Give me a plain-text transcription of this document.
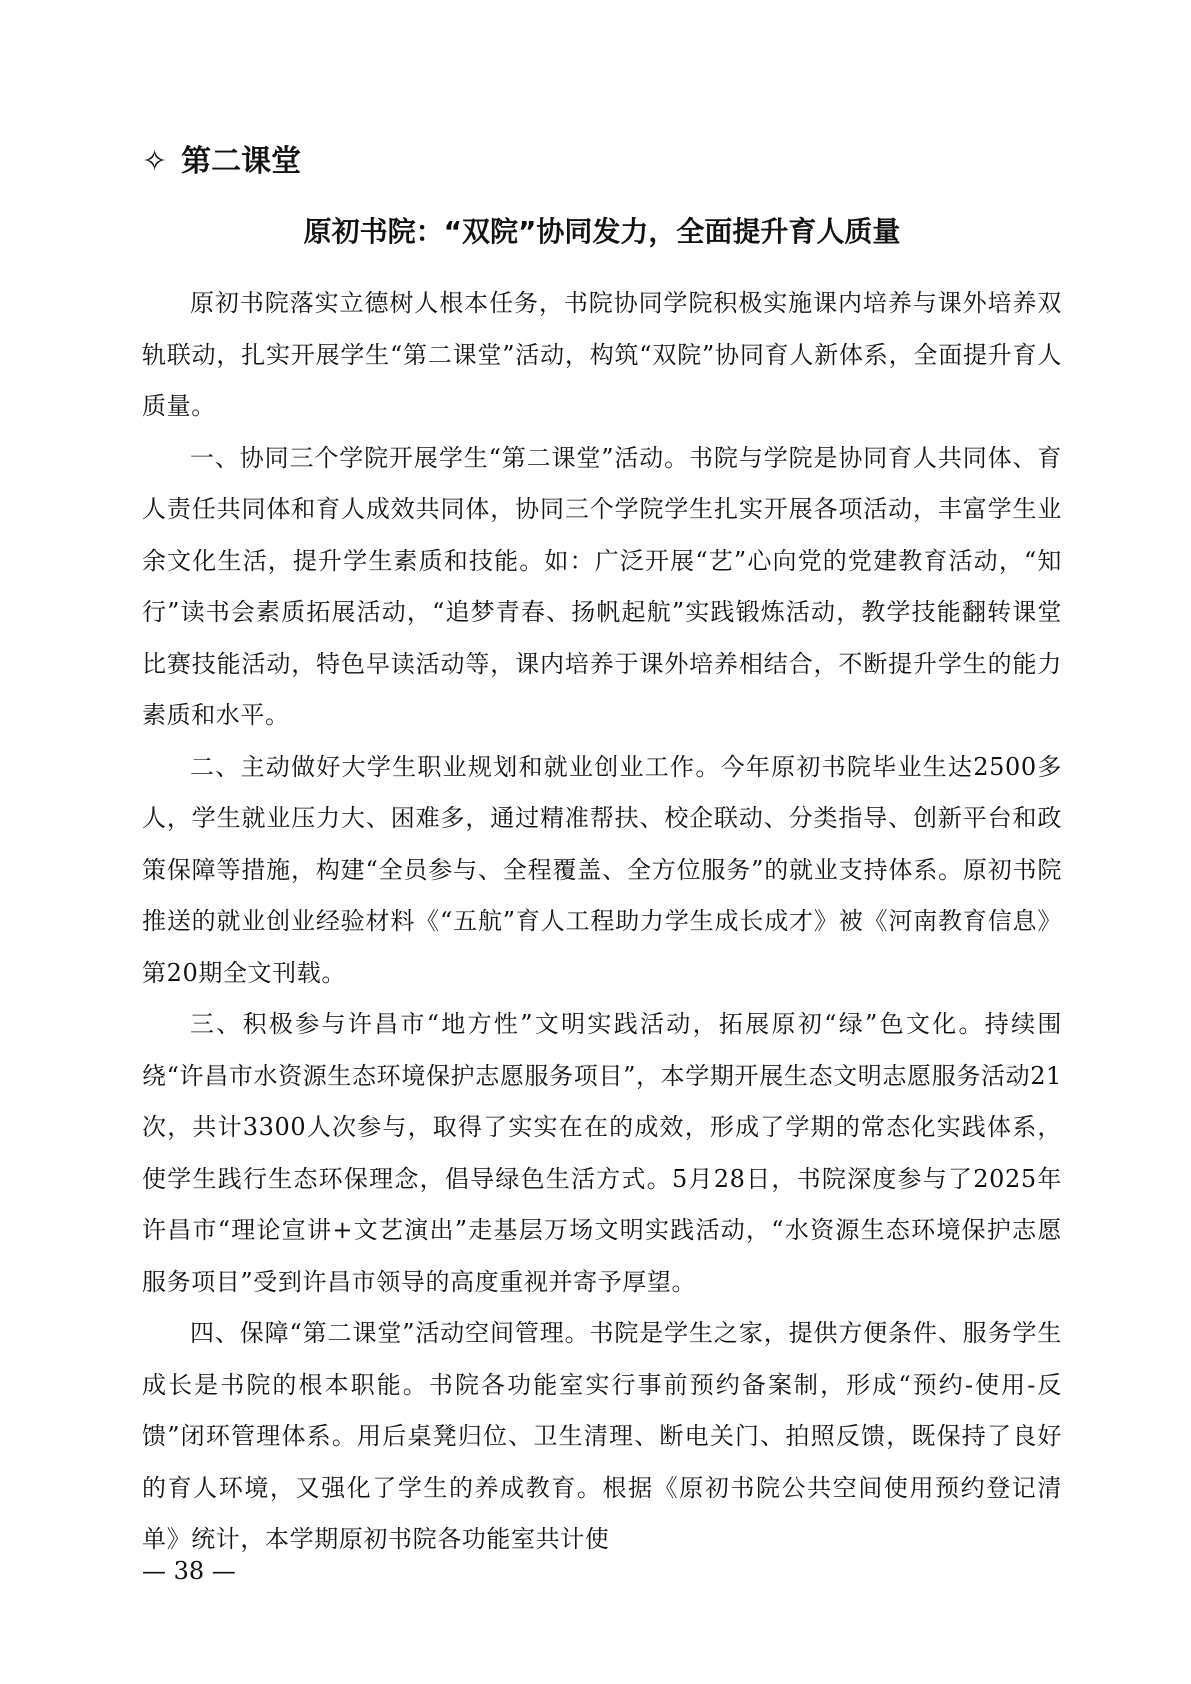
✧ 第二课堂
原初书院：“双院”协同发力，全面提升育人质量

原初书院落实立德树人根本任务，书院协同学院积极实施课内培养与课外培养双轨联动，扎实开展学生“第二课堂”活动，构筑“双院”协同育人新体系，全面提升育人质量。

一、协同三个学院开展学生“第二课堂”活动。书院与学院是协同育人共同体、育人责任共同体和育人成效共同体，协同三个学院学生扎实开展各项活动，丰富学生业余文化生活，提升学生素质和技能。如：广泛开展“艺”心向党的党建教育活动，“知行”读书会素质拓展活动，“追梦青春、扬帆起航”实践锻炼活动，教学技能翻转课堂比赛技能活动，特色早读活动等，课内培养于课外培养相结合，不断提升学生的能力素质和水平。

二、主动做好大学生职业规划和就业创业工作。今年原初书院毕业生达2500多人，学生就业压力大、困难多，通过精准帮扶、校企联动、分类指导、创新平台和政策保障等措施，构建“全员参与、全程覆盖、全方位服务”的就业支持体系。原初书院推送的就业创业经验材料《“五航”育人工程助力学生成长成才》被《河南教育信息》第20期全文刊载。

三、积极参与许昌市“地方性”文明实践活动，拓展原初“绿”色文化。持续围绕“许昌市水资源生态环境保护志愿服务项目”，本学期开展生态文明志愿服务活动21次，共计3300人次参与，取得了实实在在的成效，形成了学期的常态化实践体系，使学生践行生态环保理念，倡导绿色生活方式。5月28日，书院深度参与了2025年许昌市“理论宣讲+文艺演出”走基层万场文明实践活动，“水资源生态环境保护志愿服务项目”受到许昌市领导的高度重视并寄予厚望。

四、保障“第二课堂”活动空间管理。书院是学生之家，提供方便条件、服务学生成长是书院的根本职能。书院各功能室实行事前预约备案制，形成“预约-使用-反馈”闭环管理体系。用后桌凳归位、卫生清理、断电关门、拍照反馈，既保持了良好的育人环境，又强化了学生的养成教育。根据《原初书院公共空间使用预约登记清单》统计，本学期原初书院各功能室共计使

— 38 —
